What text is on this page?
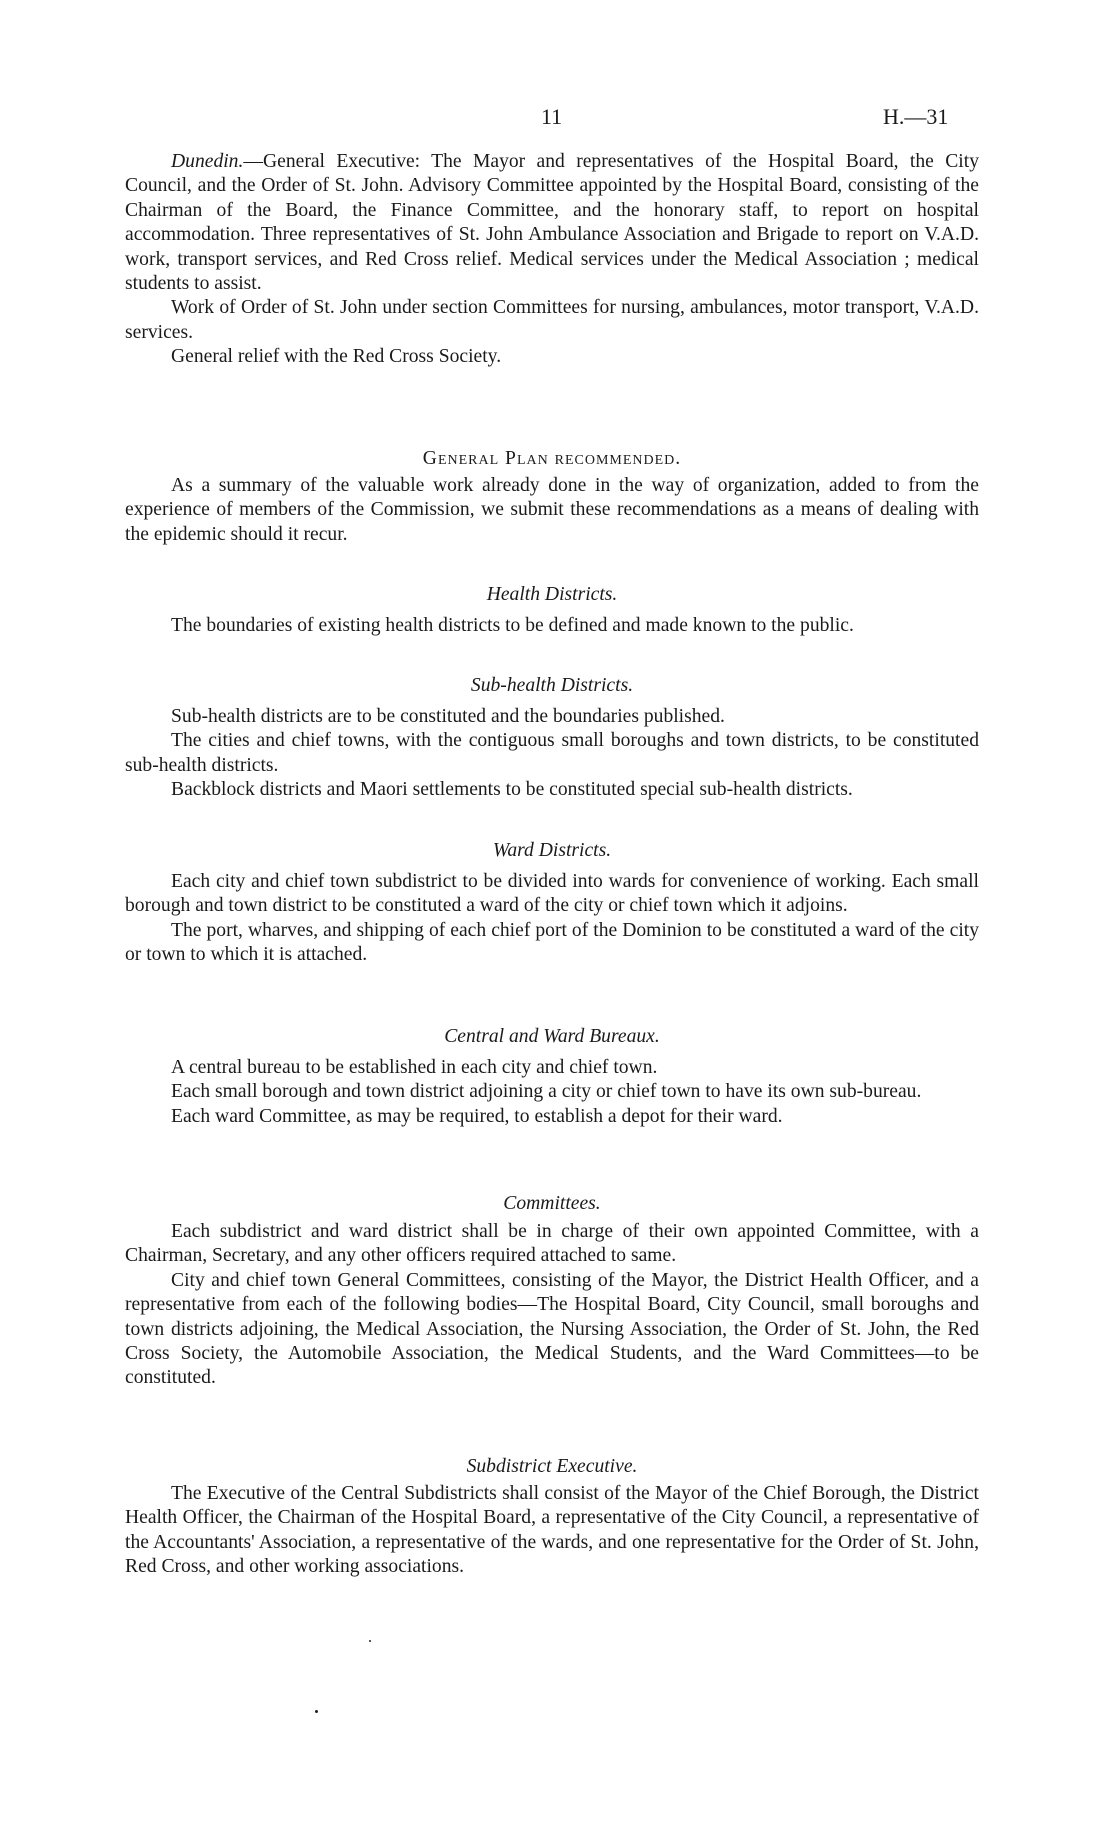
11	H.—31

Dunedin.—General Executive: The Mayor and representatives of the Hospital Board, the City Council, and the Order of St. John. Advisory Committee appointed by the Hospital Board, consisting of the Chairman of the Board, the Finance Committee, and the honorary staff, to report on hospital accommodation. Three representatives of St. John Ambulance Association and Brigade to report on V.A.D. work, transport services, and Red Cross relief. Medical services under the Medical Association ; medical students to assist.

Work of Order of St. John under section Committees for nursing, ambulances, motor transport, V.A.D. services.

General relief with the Red Cross Society.

General Plan recommended.

As a summary of the valuable work already done in the way of organization, added to from the experience of members of the Commission, we submit these recommendations as a means of dealing with the epidemic should it recur.

Health Districts.

The boundaries of existing health districts to be defined and made known to the public.

Sub-health Districts.

Sub-health districts are to be constituted and the boundaries published.

The cities and chief towns, with the contiguous small boroughs and town districts, to be constituted sub-health districts.

Backblock districts and Maori settlements to be constituted special sub-health districts.

Ward Districts.

Each city and chief town subdistrict to be divided into wards for convenience of working. Each small borough and town district to be constituted a ward of the city or chief town which it adjoins.

The port, wharves, and shipping of each chief port of the Dominion to be constituted a ward of the city or town to which it is attached.

Central and Ward Bureaux.

A central bureau to be established in each city and chief town.

Each small borough and town district adjoining a city or chief town to have its own sub-bureau.

Each ward Committee, as may be required, to establish a depot for their ward.

Committees.

Each subdistrict and ward district shall be in charge of their own appointed Committee, with a Chairman, Secretary, and any other officers required attached to same.

City and chief town General Committees, consisting of the Mayor, the District Health Officer, and a representative from each of the following bodies—The Hospital Board, City Council, small boroughs and town districts adjoining, the Medical Association, the Nursing Association, the Order of St. John, the Red Cross Society, the Automobile Association, the Medical Students, and the Ward Committees—to be constituted.

Subdistrict Executive.

The Executive of the Central Subdistricts shall consist of the Mayor of the Chief Borough, the District Health Officer, the Chairman of the Hospital Board, a representative of the City Council, a representative of the Accountants' Association, a representative of the wards, and one representative for the Order of St. John, Red Cross, and other working associations.
